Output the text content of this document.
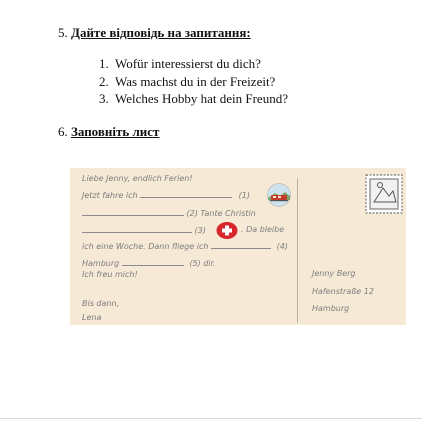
5. Дайте відповідь на запитання:
1. Wofür interessierst du dich?
2. Was machst du in der Freizeit?
3. Welches Hobby hat dein Freund?
6. Заповніть лист
Liebe Jenny, endlich Ferien!
Jetzt fahre ich	(1)
(2) Tante Christin
(3)	. Da bleibe
ich eine Woche. Dann fliege ich	(4)
Hamburg	(5) dir.
Ich freu mich!
Bis dann,
Lena
Jenny Berg
Hafenstraße 12
Hamburg
